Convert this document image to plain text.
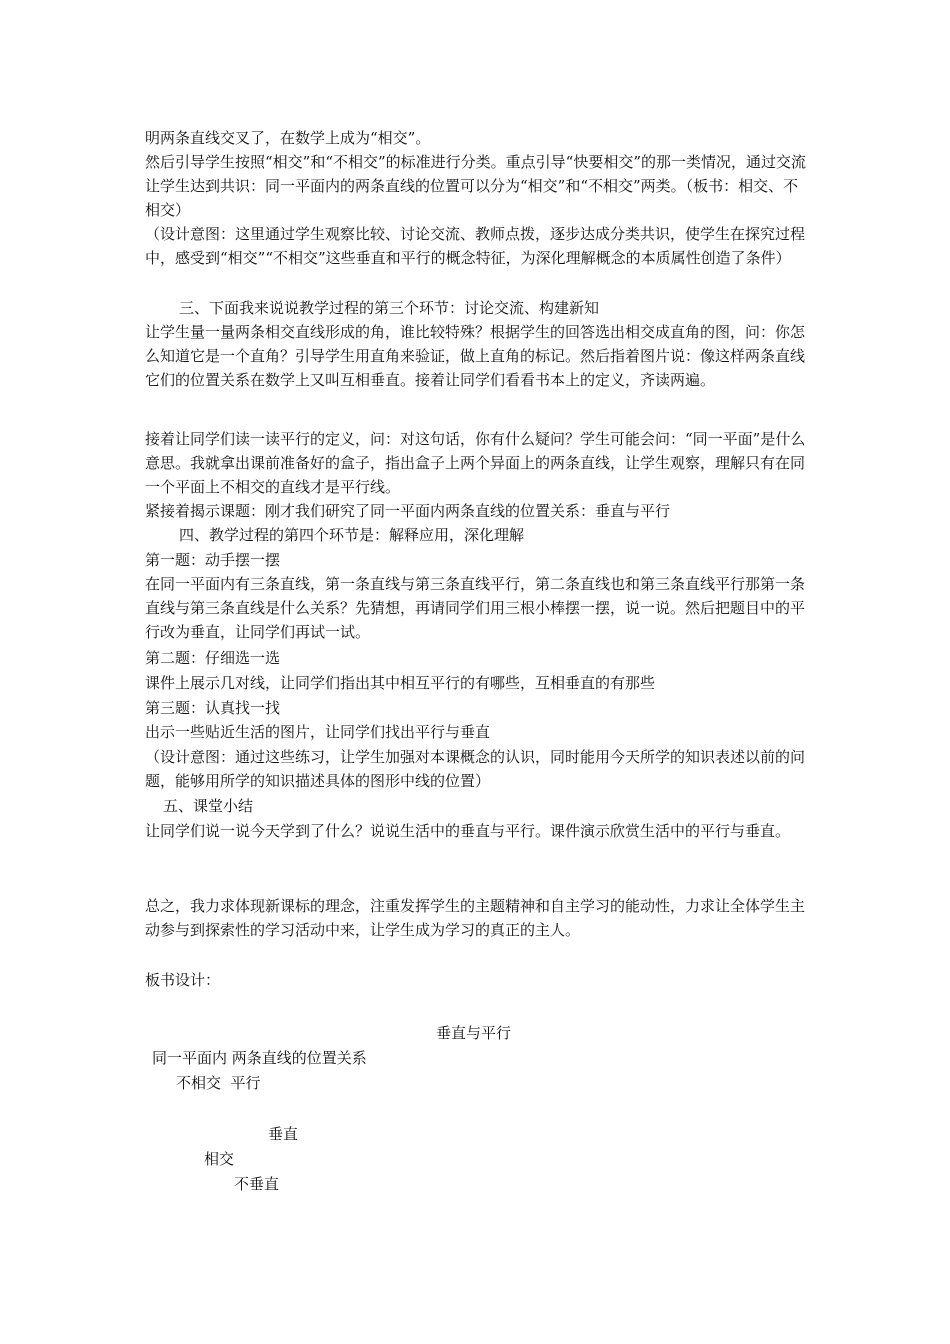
明两条直线交叉了，在数学上成为“相交”。

然后引导学生按照“相交”和“不相交”的标准进行分类。重点引导“快要相交”的那一类情况，通过交流让学生达到共识：同一平面内的两条直线的位置可以分为“相交”和“不相交”两类。（板书：相交、不相交）

（设计意图：这里通过学生观察比较、讨论交流、教师点拨，逐步达成分类共识，使学生在探究过程中，感受到“相交”“不相交”这些垂直和平行的概念特征，为深化理解概念的本质属性创造了条件）

三、下面我来说说教学过程的第三个环节：讨论交流、构建新知

让学生量一量两条相交直线形成的角，谁比较特殊？根据学生的回答选出相交成直角的图，问：你怎么知道它是一个直角？引导学生用直角来验证，做上直角的标记。然后指着图片说：像这样两条直线它们的位置关系在数学上又叫互相垂直。接着让同学们看看书本上的定义，齐读两遍。

接着让同学们读一读平行的定义，问：对这句话，你有什么疑问？学生可能会问：“同一平面”是什么意思。我就拿出课前准备好的盒子，指出盒子上两个异面上的两条直线，让学生观察，理解只有在同一个平面上不相交的直线才是平行线。

紧接着揭示课题：刚才我们研究了同一平面内两条直线的位置关系：垂直与平行

四、教学过程的第四个环节是：解释应用，深化理解

第一题：动手摆一摆

在同一平面内有三条直线，第一条直线与第三条直线平行，第二条直线也和第三条直线平行那第一条直线与第三条直线是什么关系？先猜想，再请同学们用三根小棒摆一摆，说一说。然后把题目中的平行改为垂直，让同学们再试一试。

第二题：仔细选一选

课件上展示几对线，让同学们指出其中相互平行的有哪些，互相垂直的有那些

第三题：认真找一找

出示一些贴近生活的图片，让同学们找出平行与垂直

（设计意图：通过这些练习，让学生加强对本课概念的认识，同时能用今天所学的知识表述以前的问题，能够用所学的知识描述具体的图形中线的位置）

五、课堂小结

让同学们说一说今天学到了什么？说说生活中的垂直与平行。课件演示欣赏生活中的平行与垂直。

总之，我力求体现新课标的理念，注重发挥学生的主题精神和自主学习的能动性，力求让全体学生主动参与到探索性的学习活动中来，让学生成为学习的真正的主人。

板书设计：

垂直与平行

同一平面内 两条直线的位置关系

不相交  平行

垂直

相交

不垂直
